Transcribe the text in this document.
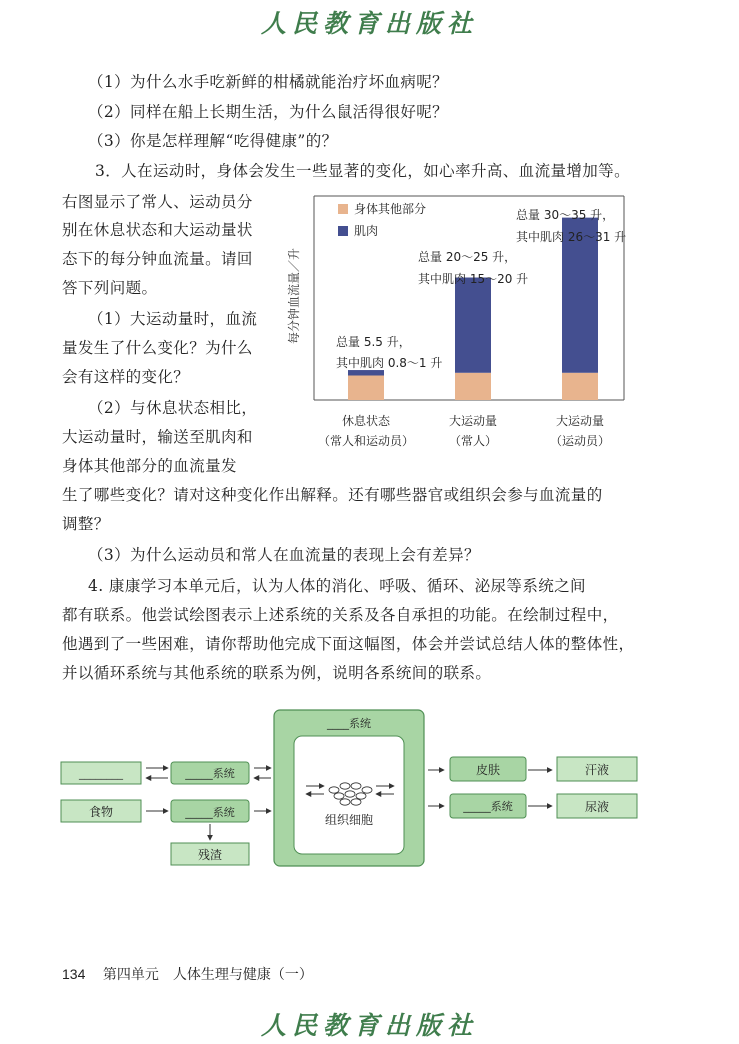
人民教育出版社
（1）为什么水手吃新鲜的柑橘就能治疗坏血病呢？
（2）同样在船上长期生活，为什么鼠活得很好呢？
（3）你是怎样理解“吃得健康”的？
3．人在运动时，身体会发生一些显著的变化，如心率升高、血流量增加等。
右图显示了常人、运动员分
别在休息状态和大运动量状
态下的每分钟血流量。请回
答下列问题。
（1）大运动量时，血流
量发生了什么变化？为什么
会有这样的变化？
（2）与休息状态相比，
大运动量时，输送至肌肉和
身体其他部分的血流量发
生了哪些变化？请对这种变化作出解释。还有哪些器官或组织会参与血流量的
调整？
（3）为什么运动员和常人在血流量的表现上会有差异？
4. 康康学习本单元后，认为人体的消化、呼吸、循环、泌尿等系统之间
都有联系。他尝试绘图表示上述系统的关系及各自承担的功能。在绘制过程中，
他遇到了一些困难，请你帮助他完成下面这幅图，体会并尝试总结人体的整体性，
并以循环系统与其他系统的联系为例，说明各系统间的联系。
每分钟血流量／升
身体其他部分
肌肉
总量 5.5 升，
其中肌肉 0.8～1 升
总量 20～25 升，
其中肌肉 15～20 升
总量 30～35 升，
其中肌肉 26～31 升
休息状态
（常人和运动员）
大运动量
（常人）
大运动量
（运动员）
________
食物
_____系统
_____系统
残渣
____系统
组织细胞
皮肤	汗液
_____系统	尿液
134 第四单元　人体生理与健康（一）
人民教育出版社
